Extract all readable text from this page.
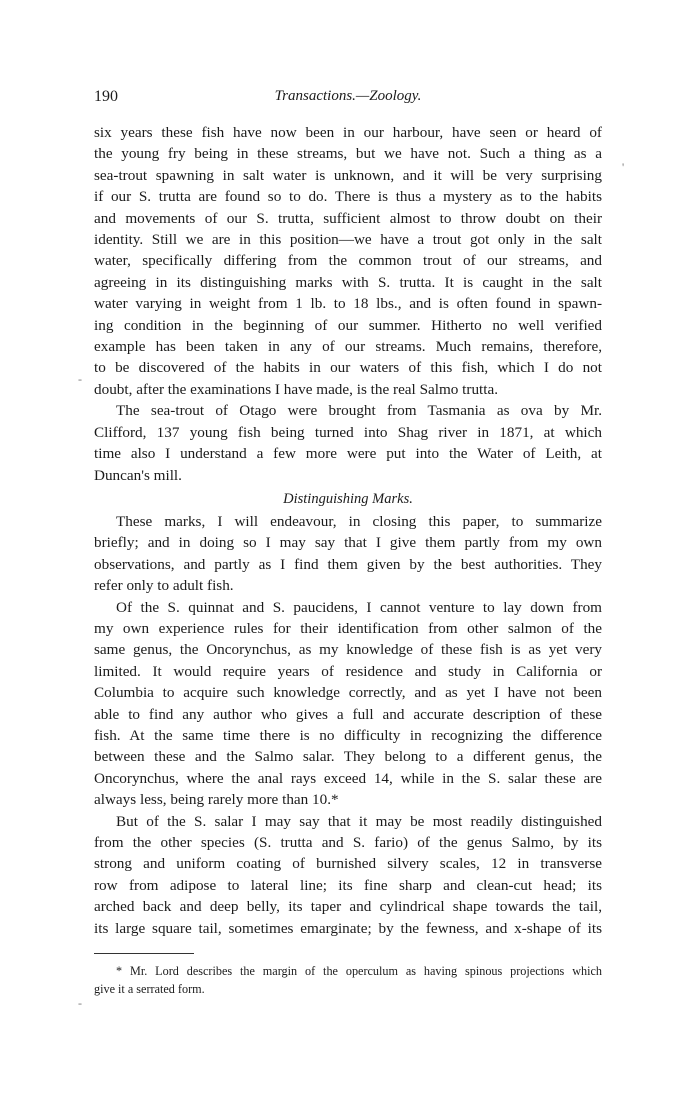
190	Transactions.—Zoology.

six years these fish have now been in our harbour, have seen or heard of
the young fry being in these streams, but we have not. Such a thing as a
sea-trout spawning in salt water is unknown, and it will be very surprising
if our S. trutta are found so to do. There is thus a mystery as to the habits
and movements of our S. trutta, sufficient almost to throw doubt on their
identity. Still we are in this position—we have a trout got only in the salt
water, specifically differing from the common trout of our streams, and
agreeing in its distinguishing marks with S. trutta. It is caught in the salt
water varying in weight from 1 lb. to 18 lbs., and is often found in spawn-
ing condition in the beginning of our summer. Hitherto no well verified
example has been taken in any of our streams. Much remains, therefore,
to be discovered of the habits in our waters of this fish, which I do not
doubt, after the examinations I have made, is the real Salmo trutta.

The sea-trout of Otago were brought from Tasmania as ova by Mr.
Clifford, 137 young fish being turned into Shag river in 1871, at which
time also I understand a few more were put into the Water of Leith, at
Duncan's mill.

Distinguishing Marks.

These marks, I will endeavour, in closing this paper, to summarize
briefly; and in doing so I may say that I give them partly from my own
observations, and partly as I find them given by the best authorities. They
refer only to adult fish.

Of the S. quinnat and S. paucidens, I cannot venture to lay down from
my own experience rules for their identification from other salmon of the
same genus, the Oncorynchus, as my knowledge of these fish is as yet very
limited. It would require years of residence and study in California or
Columbia to acquire such knowledge correctly, and as yet I have not been
able to find any author who gives a full and accurate description of these
fish. At the same time there is no difficulty in recognizing the difference
between these and the Salmo salar. They belong to a different genus, the
Oncorynchus, where the anal rays exceed 14, while in the S. salar these are
always less, being rarely more than 10.*

But of the S. salar I may say that it may be most readily distinguished
from the other species (S. trutta and S. fario) of the genus Salmo, by its
strong and uniform coating of burnished silvery scales, 12 in transverse
row from adipose to lateral line; its fine sharp and clean-cut head; its
arched back and deep belly, its taper and cylindrical shape towards the tail,
its large square tail, sometimes emarginate; by the fewness, and x-shape of its

* Mr. Lord describes the margin of the operculum as having spinous projections which
give it a serrated form.
'
-
-
